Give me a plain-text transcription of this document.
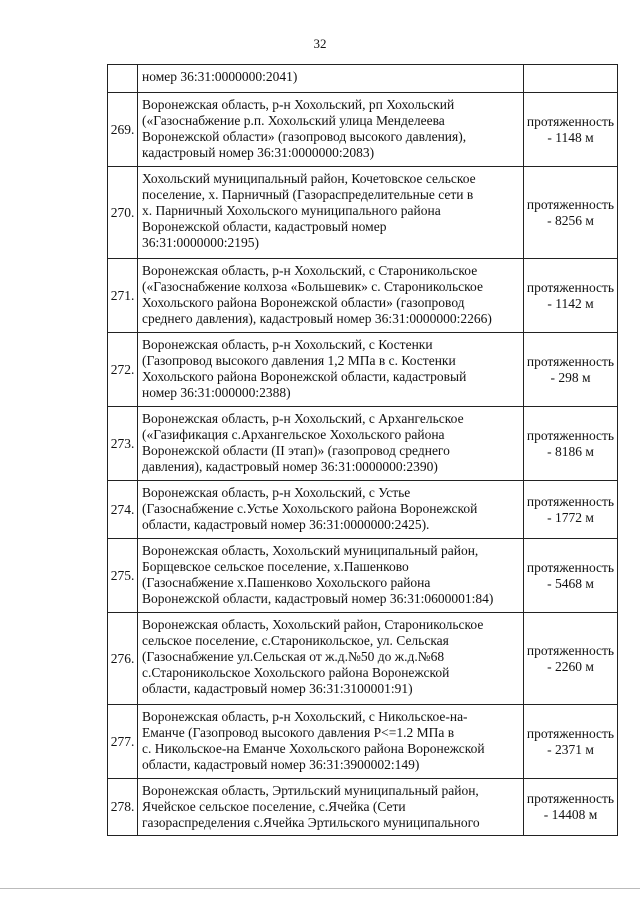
32

	номер 36:31:0000000:2041)	

269.	Воронежская область, р-н Хохольский, рп Хохольский
(«Газоснабжение р.п. Хохольский улица Менделеева
Воронежской области» (газопровод высокого давления),
кадастровый номер 36:31:0000000:2083)	протяженность
- 1148 м

270.	Хохольский муниципальный район, Кочетовское сельское
поселение, х. Парничный (Газораспределительные сети в
х. Парничный Хохольского муниципального района
Воронежской области, кадастровый номер
36:31:0000000:2195)	протяженность
- 8256 м

271.	Воронежская область, р-н Хохольский, с Староникольское
(«Газоснабжение колхоза «Большевик» с. Староникольское
Хохольского района Воронежской области» (газопровод
среднего давления), кадастровый номер 36:31:0000000:2266)	протяженность
- 1142 м

272.	Воронежская область, р-н Хохольский, с Костенки
(Газопровод высокого давления 1,2 МПа в с. Костенки
Хохольского района Воронежской области, кадастровый
номер 36:31:000000:2388)	протяженность
- 298 м

273.	Воронежская область, р-н Хохольский, с Архангельское
(«Газификация с.Архангельское Хохольского района
Воронежской области (II этап)» (газопровод среднего
давления), кадастровый номер 36:31:0000000:2390)	протяженность
- 8186 м

274.	Воронежская область, р-н Хохольский, с Устье
(Газоснабжение с.Устье Хохольского района Воронежской
области, кадастровый номер 36:31:0000000:2425).	протяженность
- 1772 м

275.	Воронежская область, Хохольский муниципальный район,
Борщевское сельское поселение, х.Пашенково
(Газоснабжение х.Пашенково Хохольского района
Воронежской области, кадастровый номер 36:31:0600001:84)	протяженность
- 5468 м

276.	Воронежская область, Хохольский район, Староникольское
сельское поселение, с.Староникольское, ул. Сельская
(Газоснабжение ул.Сельская от ж.д.№50 до ж.д.№68
с.Староникольское Хохольского района Воронежской
области, кадастровый номер 36:31:3100001:91)	протяженность
- 2260 м

277.	Воронежская область, р-н Хохольский, с Никольское-на-
Еманче (Газопровод высокого давления Р<=1.2 МПа в
с. Никольское-на Еманче Хохольского района Воронежской
области, кадастровый номер 36:31:3900002:149)	протяженность
- 2371 м

278.	Воронежская область, Эртильский муниципальный район,
Ячейское сельское поселение, с.Ячейка (Сети
газораспределения с.Ячейка Эртильского муниципального	протяженность
- 14408 м
